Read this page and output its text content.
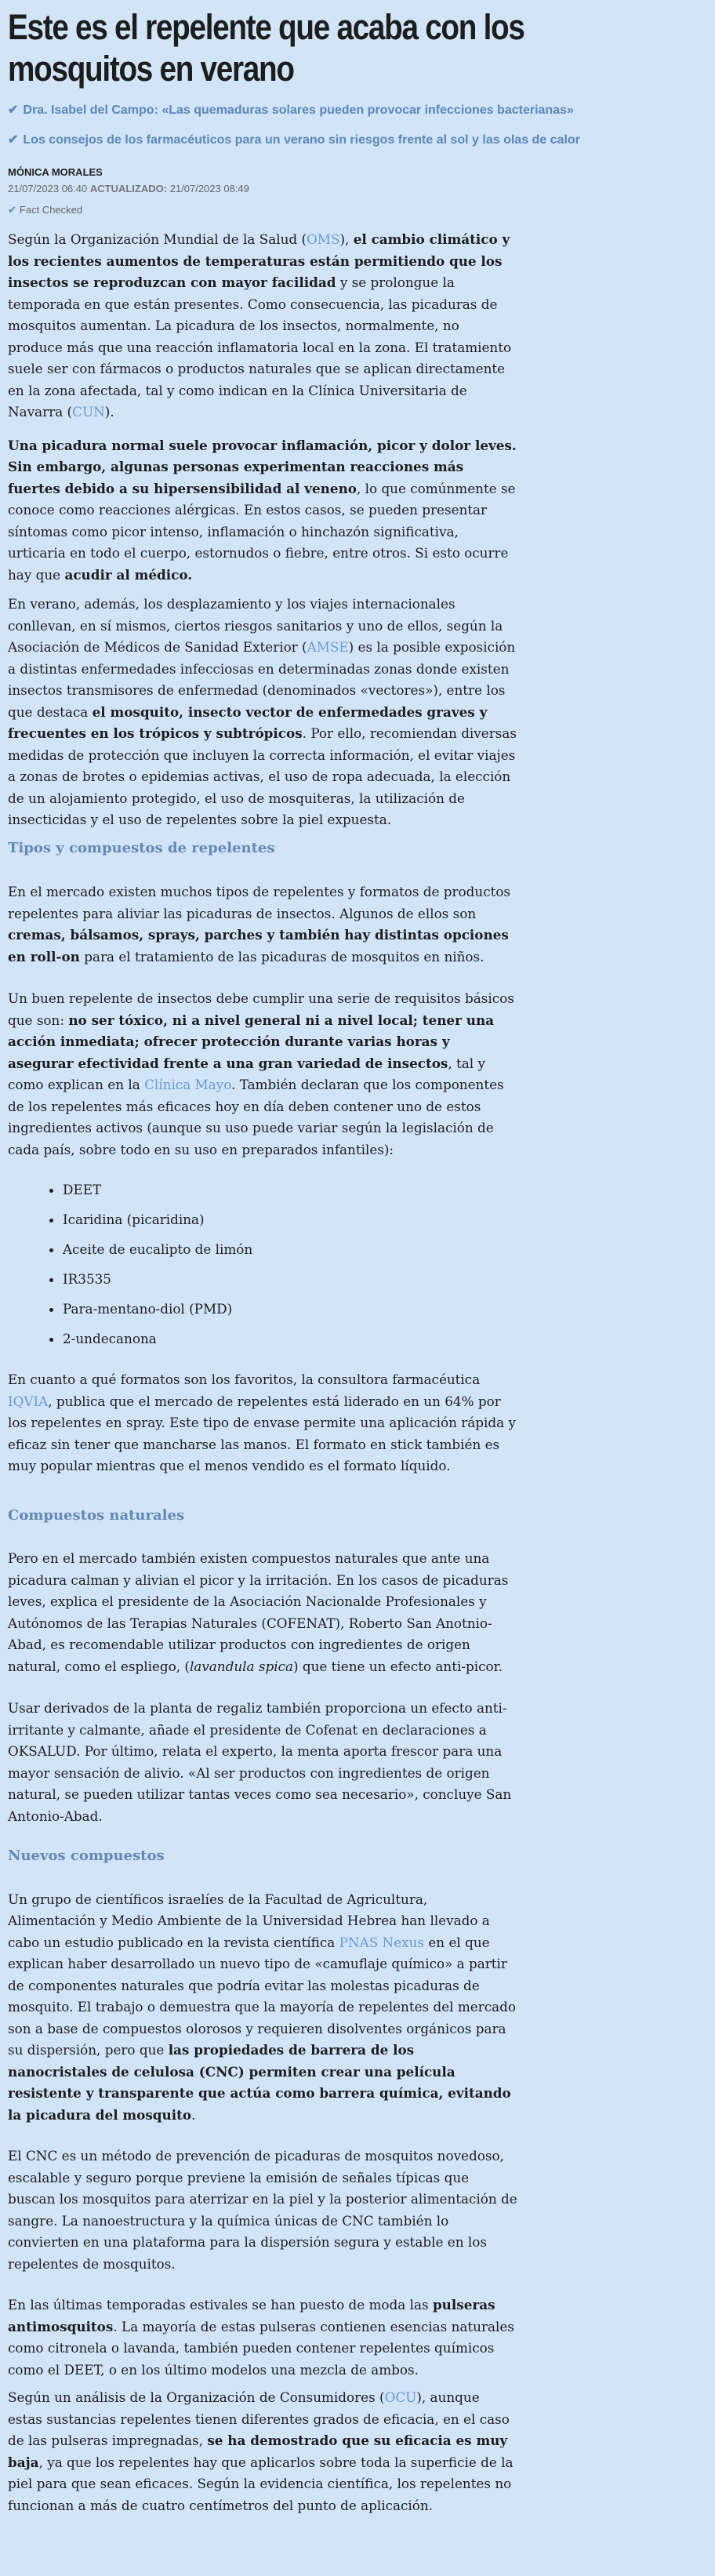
Este es el repelente que acaba con los mosquitos en verano
✔ Dra. Isabel del Campo: «Las quemaduras solares pueden provocar infecciones bacterianas»
✔ Los consejos de los farmacéuticos para un verano sin riesgos frente al sol y las olas de calor
MÓNICA MORALES
21/07/2023 06:40 ACTUALIZADO: 21/07/2023 08:49
✔ Fact Checked

Según la Organización Mundial de la Salud (OMS), el cambio climático y los recientes aumentos de temperaturas están permitiendo que los insectos se reproduzcan con mayor facilidad y se prolongue la temporada en que están presentes. Como consecuencia, las picaduras de mosquitos aumentan. La picadura de los insectos, normalmente, no produce más que una reacción inflamatoria local en la zona. El tratamiento suele ser con fármacos o productos naturales que se aplican directamente en la zona afectada, tal y como indican en la Clínica Universitaria de Navarra (CUN).

Una picadura normal suele provocar inflamación, picor y dolor leves. Sin embargo, algunas personas experimentan reacciones más fuertes debido a su hipersensibilidad al veneno, lo que comúnmente se conoce como reacciones alérgicas. En estos casos, se pueden presentar síntomas como picor intenso, inflamación o hinchazón significativa, urticaria en todo el cuerpo, estornudos o fiebre, entre otros. Si esto ocurre hay que acudir al médico.

En verano, además, los desplazamiento y los viajes internacionales conllevan, en sí mismos, ciertos riesgos sanitarios y uno de ellos, según la Asociación de Médicos de Sanidad Exterior (AMSE) es la posible exposición a distintas enfermedades infecciosas en determinadas zonas donde existen insectos transmisores de enfermedad (denominados «vectores»), entre los que destaca el mosquito, insecto vector de enfermedades graves y frecuentes en los trópicos y subtrópicos. Por ello, recomiendan diversas medidas de protección que incluyen la correcta información, el evitar viajes a zonas de brotes o epidemias activas, el uso de ropa adecuada, la elección de un alojamiento protegido, el uso de mosquiteras, la utilización de insecticidas y el uso de repelentes sobre la piel expuesta.

Tipos y compuestos de repelentes

En el mercado existen muchos tipos de repelentes y formatos de productos repelentes para aliviar las picaduras de insectos. Algunos de ellos son cremas, bálsamos, sprays, parches y también hay distintas opciones en roll-on para el tratamiento de las picaduras de mosquitos en niños.

Un buen repelente de insectos debe cumplir una serie de requisitos básicos que son: no ser tóxico, ni a nivel general ni a nivel local; tener una acción inmediata; ofrecer protección durante varias horas y asegurar efectividad frente a una gran variedad de insectos, tal y como explican en la Clínica Mayo. También declaran que los componentes de los repelentes más eficaces hoy en día deben contener uno de estos ingredientes activos (aunque su uso puede variar según la legislación de cada país, sobre todo en su uso en preparados infantiles):

• DEET
• Icaridina (picaridina)
• Aceite de eucalipto de limón
• IR3535
• Para-mentano-diol (PMD)
• 2-undecanona

En cuanto a qué formatos son los favoritos, la consultora farmacéutica IQVIA, publica que el mercado de repelentes está liderado en un 64% por los repelentes en spray. Este tipo de envase permite una aplicación rápida y eficaz sin tener que mancharse las manos. El formato en stick también es muy popular mientras que el menos vendido es el formato líquido.

Compuestos naturales

Pero en el mercado también existen compuestos naturales que ante una picadura calman y alivian el picor y la irritación. En los casos de picaduras leves, explica el presidente de la Asociación Nacionalde Profesionales y Autónomos de las Terapias Naturales (COFENAT), Roberto San Anotnio-Abad, es recomendable utilizar productos con ingredientes de origen natural, como el espliego, (lavandula spica) que tiene un efecto anti-picor.

Usar derivados de la planta de regaliz también proporciona un efecto anti-irritante y calmante, añade el presidente de Cofenat en declaraciones a OKSALUD. Por último, relata el experto, la menta aporta frescor para una mayor sensación de alivio. «Al ser productos con ingredientes de origen natural, se pueden utilizar tantas veces como sea necesario», concluye San Antonio-Abad.

Nuevos compuestos

Un grupo de científicos israelíes de la Facultad de Agricultura, Alimentación y Medio Ambiente de la Universidad Hebrea han llevado a cabo un estudio publicado en la revista científica PNAS Nexus en el que explican haber desarrollado un nuevo tipo de «camuflaje químico» a partir de componentes naturales que podría evitar las molestas picaduras de mosquito. El trabajo o demuestra que la mayoría de repelentes del mercado son a base de compuestos olorosos y requieren disolventes orgánicos para su dispersión, pero que las propiedades de barrera de los nanocristales de celulosa (CNC) permiten crear una película resistente y transparente que actúa como barrera química, evitando la picadura del mosquito.

El CNC es un método de prevención de picaduras de mosquitos novedoso, escalable y seguro porque previene la emisión de señales típicas que buscan los mosquitos para aterrizar en la piel y la posterior alimentación de sangre. La nanoestructura y la química únicas de CNC también lo convierten en una plataforma para la dispersión segura y estable en los repelentes de mosquitos.

En las últimas temporadas estivales se han puesto de moda las pulseras antimosquitos. La mayoría de estas pulseras contienen esencias naturales como citronela o lavanda, también pueden contener repelentes químicos como el DEET, o en los último modelos una mezcla de ambos.

Según un análisis de la Organización de Consumidores (OCU), aunque estas sustancias repelentes tienen diferentes grados de eficacia, en el caso de las pulseras impregnadas, se ha demostrado que su eficacia es muy baja, ya que los repelentes hay que aplicarlos sobre toda la superficie de la piel para que sean eficaces. Según la evidencia científica, los repelentes no funcionan a más de cuatro centímetros del punto de aplicación.
